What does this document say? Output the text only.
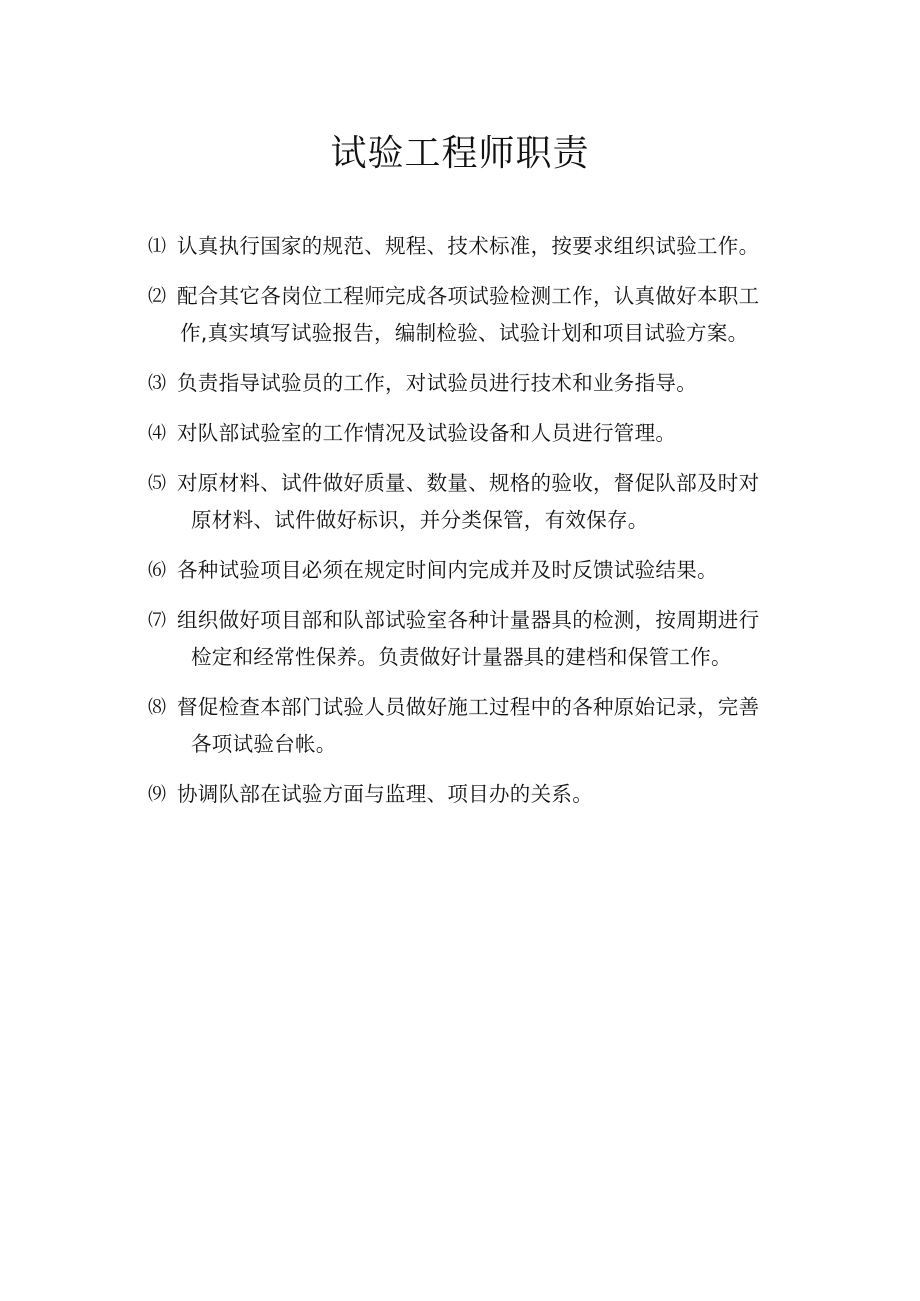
试验工程师职责
⑴ 认真执行国家的规范、规程、技术标准，按要求组织试验工作。
⑵ 配合其它各岗位工程师完成各项试验检测工作，认真做好本职工
作,真实填写试验报告，编制检验、试验计划和项目试验方案。
⑶ 负责指导试验员的工作，对试验员进行技术和业务指导。
⑷ 对队部试验室的工作情况及试验设备和人员进行管理。
⑸ 对原材料、试件做好质量、数量、规格的验收，督促队部及时对
原材料、试件做好标识，并分类保管，有效保存。
⑹ 各种试验项目必须在规定时间内完成并及时反馈试验结果。
⑺ 组织做好项目部和队部试验室各种计量器具的检测，按周期进行
检定和经常性保养。负责做好计量器具的建档和保管工作。
⑻ 督促检查本部门试验人员做好施工过程中的各种原始记录，完善
各项试验台帐。
⑼ 协调队部在试验方面与监理、项目办的关系。
